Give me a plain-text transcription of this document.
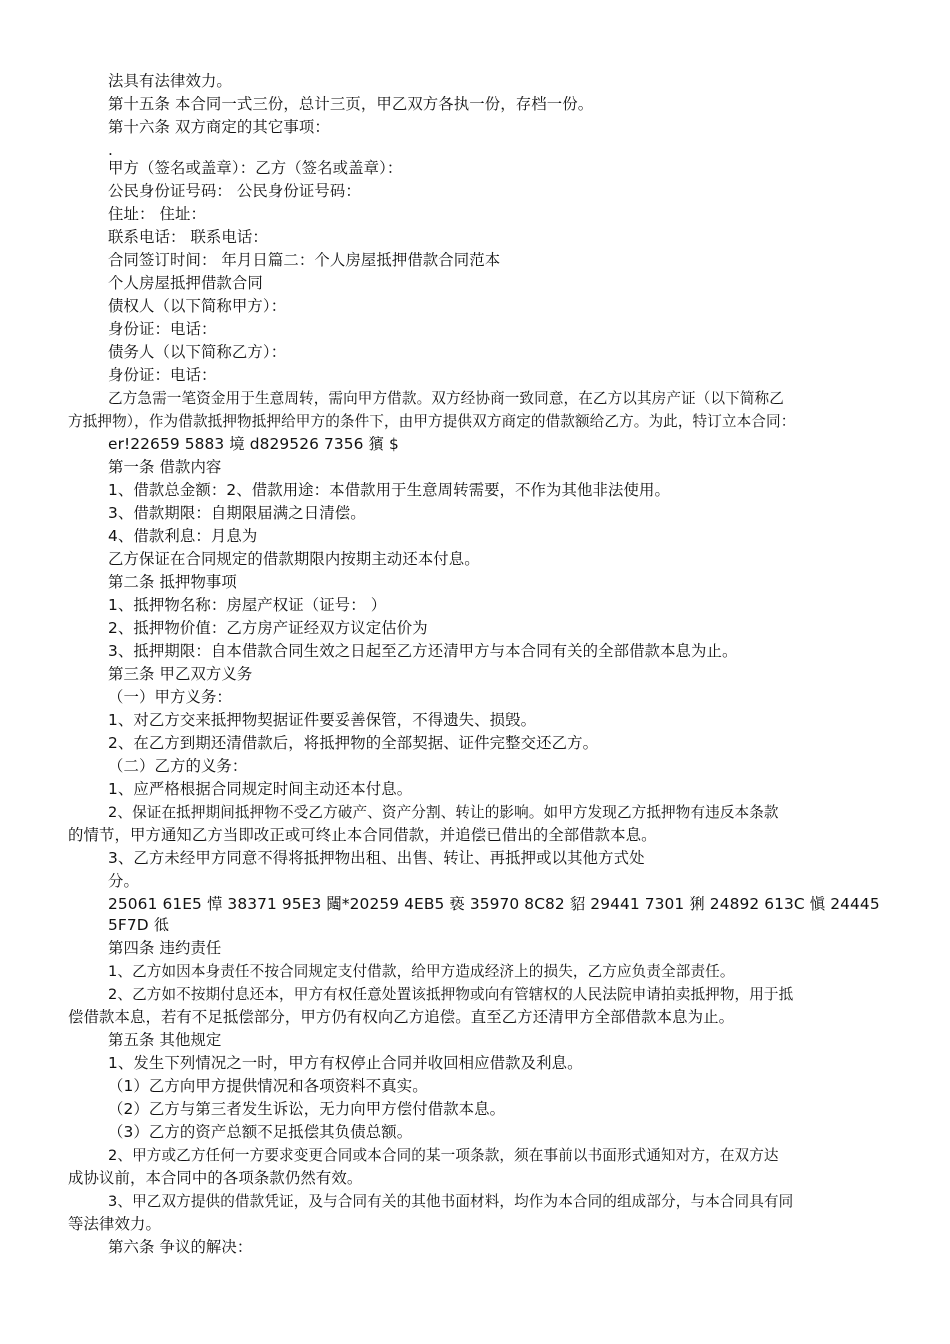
法具有法律效力。
第十五条 本合同一式三份，总计三页，甲乙双方各执一份，存档一份。
第十六条 双方商定的其它事项：
.
甲方（签名或盖章）：乙方（签名或盖章）：
公民身份证号码： 公民身份证号码：
住址： 住址：
联系电话： 联系电话：
合同签订时间： 年月日篇二：个人房屋抵押借款合同范本
个人房屋抵押借款合同
债权人（以下简称甲方）：
身份证：电话：
债务人（以下简称乙方）：
身份证：电话：
乙方急需一笔资金用于生意周转，需向甲方借款。双方经协商一致同意，在乙方以其房产证（以下简称乙
方抵押物），作为借款抵押物抵押给甲方的条件下，由甲方提供双方商定的借款额给乙方。为此，特订立本合同：
er!22659 5883 境 d829526 7356 獱 $
第一条 借款内容
1、借款总金额：2、借款用途：本借款用于生意周转需要，不作为其他非法使用。
3、借款期限：自期限届满之日清偿。
4、借款利息：月息为
乙方保证在合同规定的借款期限内按期主动还本付息。
第二条 抵押物事项
1、抵押物名称：房屋产权证（证号： ）
2、抵押物价值：乙方房产证经双方议定估价为
3、抵押期限：自本借款合同生效之日起至乙方还清甲方与本合同有关的全部借款本息为止。
第三条 甲乙双方义务
（一）甲方义务：
1、对乙方交来抵押物契据证件要妥善保管，不得遗失、损毁。
2、在乙方到期还清借款后，将抵押物的全部契据、证件完整交还乙方。
（二）乙方的义务：
1、应严格根据合同规定时间主动还本付息。
2、保证在抵押期间抵押物不受乙方破产、资产分割、转让的影响。如甲方发现乙方抵押物有违反本条款
的情节，甲方通知乙方当即改正或可终止本合同借款，并追偿已借出的全部借款本息。
3、乙方未经甲方同意不得将抵押物出租、出售、转让、再抵押或以其他方式处
分。
25061 61E5 愺 38371 95E3 闧*20259 4EB5 亵 35970 8C82 貂 29441 7301 猁 24892 613C 愼 24445
5F7D 彽
第四条 违约责任
1、乙方如因本身责任不按合同规定支付借款，给甲方造成经济上的损失，乙方应负责全部责任。
2、乙方如不按期付息还本，甲方有权任意处置该抵押物或向有管辖权的人民法院申请拍卖抵押物，用于抵
偿借款本息，若有不足抵偿部分，甲方仍有权向乙方追偿。直至乙方还清甲方全部借款本息为止。
第五条 其他规定
1、发生下列情况之一时，甲方有权停止合同并收回相应借款及利息。
（1）乙方向甲方提供情况和各项资料不真实。
（2）乙方与第三者发生诉讼，无力向甲方偿付借款本息。
（3）乙方的资产总额不足抵偿其负债总额。
2、甲方或乙方任何一方要求变更合同或本合同的某一项条款，须在事前以书面形式通知对方，在双方达
成协议前，本合同中的各项条款仍然有效。
3、甲乙双方提供的借款凭证，及与合同有关的其他书面材料，均作为本合同的组成部分，与本合同具有同
等法律效力。
第六条 争议的解决：
